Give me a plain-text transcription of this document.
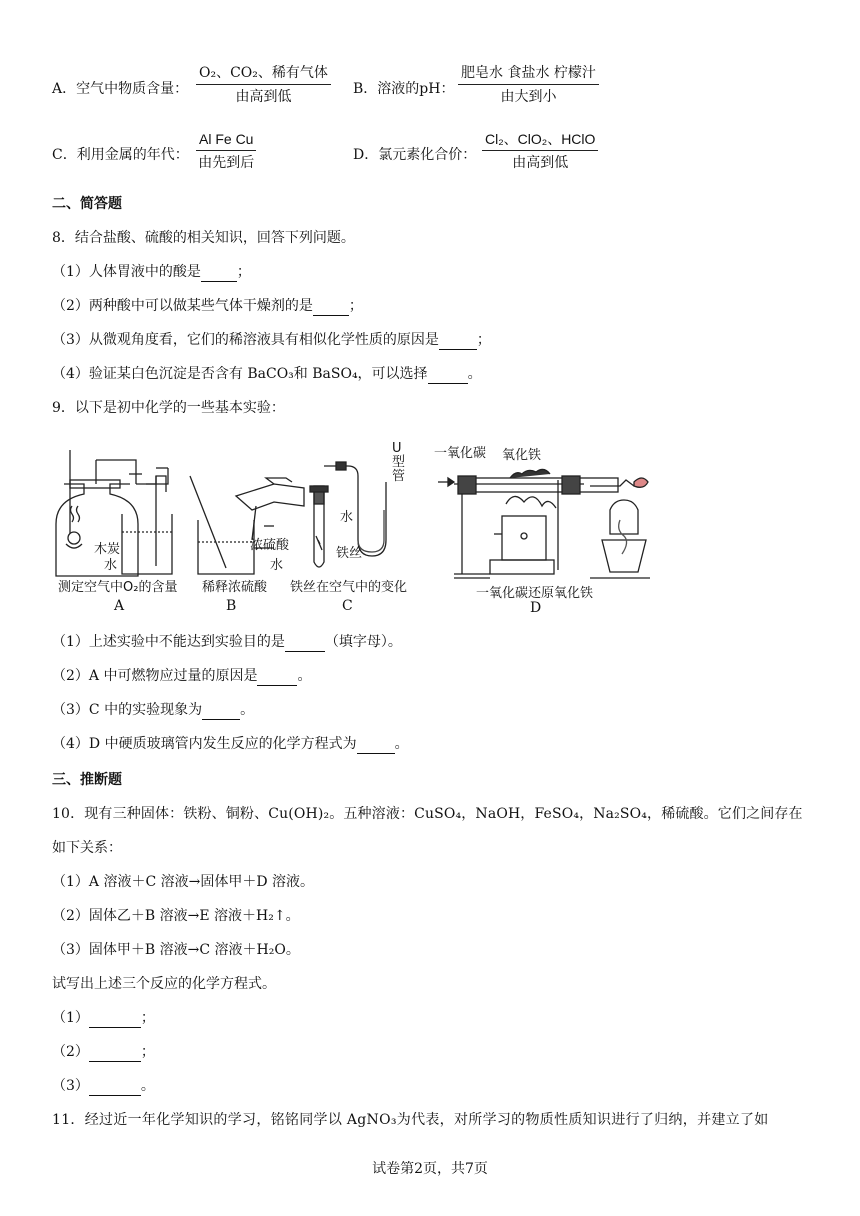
A．空气中物质含量：
O₂、CO₂、稀有气体
由高到低	B．溶液的pH：
肥皂水 食盐水 柠檬汁
由大到小
C．利用金属的年代：
Al Fe Cu
由先到后	D．氯元素化合价：
Cl₂、ClO₂、HClO
由高到低
二、简答题
8．结合盐酸、硫酸的相关知识，回答下列问题。
（1）人体胃液中的酸是	；
（2）两种酸中可以做某些气体干燥剂的是	；
（3）从微观角度看，它们的稀溶液具有相似化学性质的原因是	；
（4）验证某白色沉淀是否含有 BaCO₃和 BaSO₄，可以选择	。
9．以下是初中化学的一些基本实验：
木炭
水
浓硫酸
水
水
铁丝
U型管
一氧化碳 氧化铁
测定空气中O₂的含量
A
稀释浓硫酸
B
铁丝在空气中的变化
C
一氧化碳还原氧化铁
D
（1）上述实验中不能达到实验目的是	（填字母）。
（2）A 中可燃物应过量的原因是	。
（3）C 中的实验现象为	。
（4）D 中硬质玻璃管内发生反应的化学方程式为	。
三、推断题
10．现有三种固体：铁粉、铜粉、Cu(OH)₂。五种溶液：CuSO₄，NaOH，FeSO₄，Na₂SO₄，稀硫酸。它们之间存在
如下关系：
（1）A 溶液＋C 溶液→固体甲＋D 溶液。
（2）固体乙＋B 溶液→E 溶液＋H₂↑。
（3）固体甲＋B 溶液→C 溶液＋H₂O。
试写出上述三个反应的化学方程式。
（1）	；
（2）	；
（3）	。
11．经过近一年化学知识的学习，铭铭同学以 AgNO₃为代表，对所学习的物质性质知识进行了归纳，并建立了如
试卷第2页，共7页
